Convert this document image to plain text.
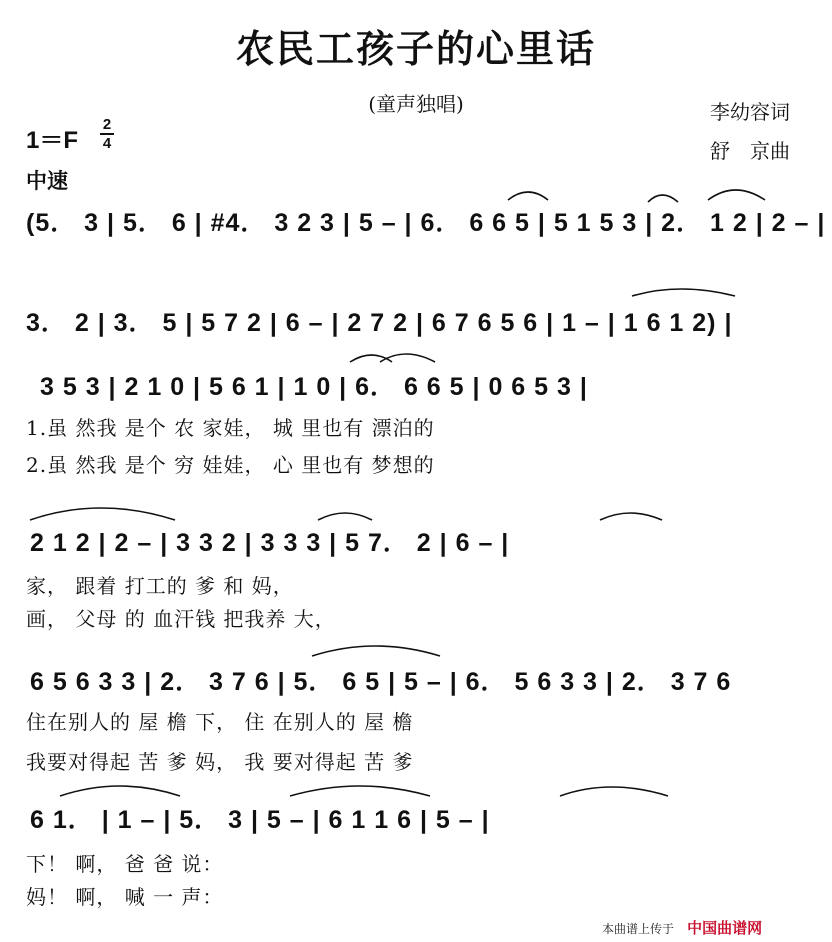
农民工孩子的心里话
(童声独唱)	李幼容词
舒　京曲
1＝F
2
4
中速
(5． 3 | 5． 6 | #4． 3 2 3 | 5 – | 6． 6 6 5 | 5 1 5 3 | 2． 1 2 | 2 – |
3． 2 | 3． 5 | 5 7 2 | 6 – | 2 7 2 | 6 7 6 5 6 | 1 – | 1 6 1 2) |
3 5 3 | 2 1 0 | 5 6 1 | 1 0 | 6． 6 6 5 | 0 6 5 3 |
1.虽 然我 是个 农 家娃， 城 里也有 漂泊的
2.虽 然我 是个 穷 娃娃， 心 里也有 梦想的
2 1 2 | 2 – | 3 3 2 | 3 3 3 | 5 7． 2 | 6 – |
家， 跟着 打工的 爹 和 妈，
画， 父母 的 血汗钱 把我养 大，
6 5 6 3 3 | 2． 3 7 6 | 5． 6 5 | 5 – | 6． 5 6 3 3 | 2． 3 7 6
住在别人的 屋 檐 下， 住 在别人的 屋 檐
我要对得起 苦 爹 妈， 我 要对得起 苦 爹
6 1． | 1 – | 5． 3 | 5 – | 6 1 1 6 | 5 – |
下！ 啊， 爸 爸 说：
妈！ 啊， 喊 一 声：
本曲谱上传于 中国曲谱网
